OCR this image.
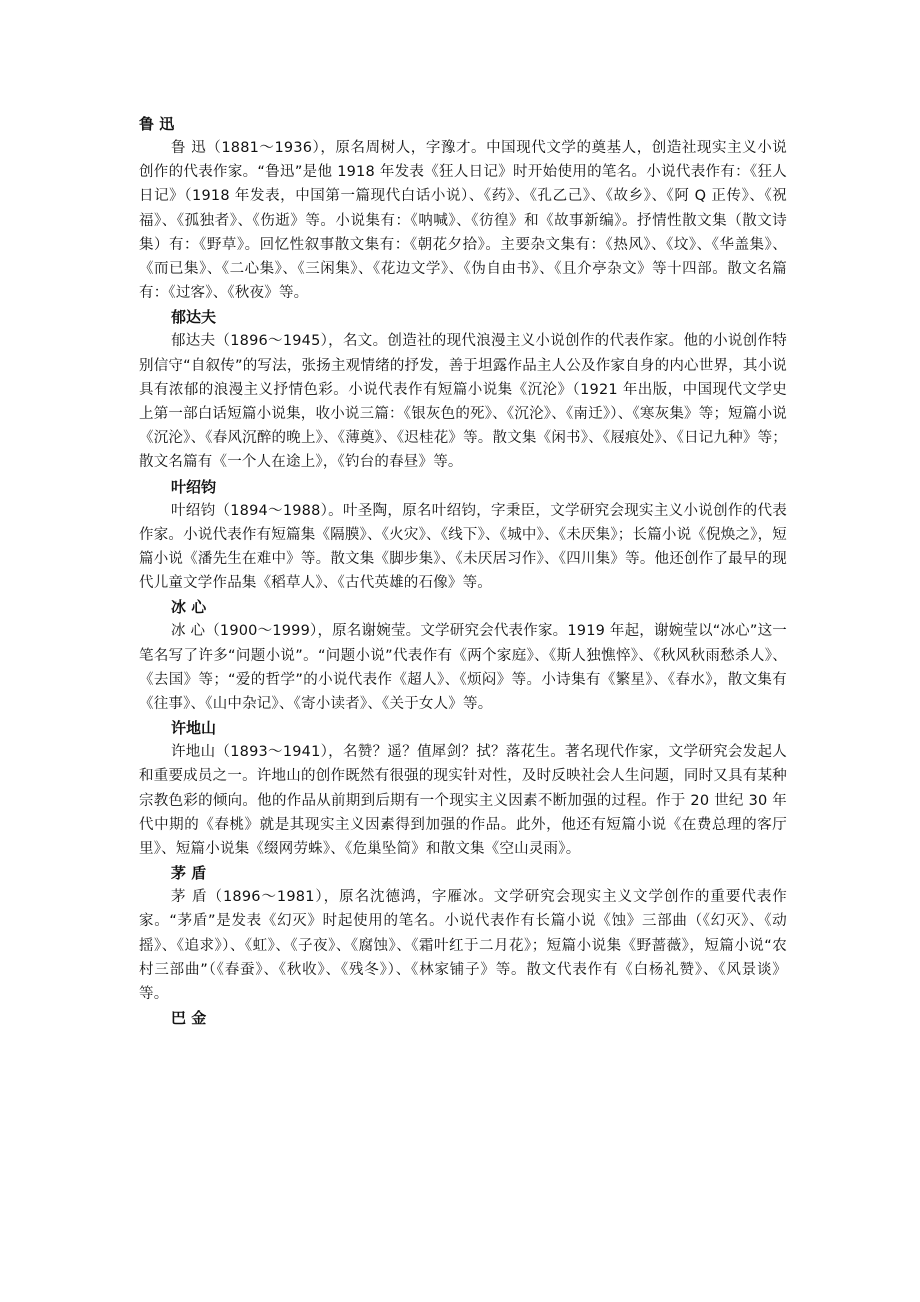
鲁 迅

鲁 迅（1881～1936），原名周树人，字豫才。中国现代文学的奠基人，创造社现实主义小说创作的代表作家。“鲁迅”是他 1918 年发表《狂人日记》时开始使用的笔名。小说代表作有：《狂人日记》（1918 年发表，中国第一篇现代白话小说）、《药》、《孔乙己》、《故乡》、《阿 Q 正传》、《祝福》、《孤独者》、《伤逝》等。小说集有：《呐喊》、《彷徨》和《故事新编》。抒情性散文集（散文诗集）有：《野草》。回忆性叙事散文集有：《朝花夕拾》。主要杂文集有：《热风》、《坟》、《华盖集》、《而已集》、《二心集》、《三闲集》、《花边文学》、《伪自由书》、《且介亭杂文》等十四部。散文名篇有：《过客》、《秋夜》等。

郁达夫

郁达夫（1896～1945），名文。创造社的现代浪漫主义小说创作的代表作家。他的小说创作特别信守“自叙传”的写法，张扬主观情绪的抒发，善于坦露作品主人公及作家自身的内心世界，其小说具有浓郁的浪漫主义抒情色彩。小说代表作有短篇小说集《沉沦》（1921 年出版，中国现代文学史上第一部白话短篇小说集，收小说三篇：《银灰色的死》、《沉沦》、《南迁》）、《寒灰集》等；短篇小说《沉沦》、《春风沉醉的晚上》、《薄奠》、《迟桂花》等。散文集《闲书》、《屐痕处》、《日记九种》等；散文名篇有《一个人在途上》，《钓台的春昼》等。

叶绍钧

叶绍钧（1894～1988）。叶圣陶，原名叶绍钧，字秉臣，文学研究会现实主义小说创作的代表作家。小说代表作有短篇集《隔膜》、《火灾》、《线下》、《城中》、《未厌集》；长篇小说《倪焕之》，短篇小说《潘先生在难中》等。散文集《脚步集》、《未厌居习作》、《四川集》等。他还创作了最早的现代儿童文学作品集《稻草人》、《古代英雄的石像》等。

冰 心

冰 心（1900～1999），原名谢婉莹。文学研究会代表作家。1919 年起，谢婉莹以“冰心”这一笔名写了许多“问题小说”。“问题小说”代表作有《两个家庭》、《斯人独憔悴》、《秋风秋雨愁杀人》、《去国》等；“爱的哲学”的小说代表作《超人》、《烦闷》等。小诗集有《繁星》、《春水》，散文集有《往事》、《山中杂记》、《寄小读者》、《关于女人》等。

许地山

许地山（1893～1941），名赞？遥？值犀剑？拭？落花生。著名现代作家，文学研究会发起人和重要成员之一。许地山的创作既然有很强的现实针对性，及时反映社会人生问题，同时又具有某种宗教色彩的倾向。他的作品从前期到后期有一个现实主义因素不断加强的过程。作于 20 世纪 30 年代中期的《春桃》就是其现实主义因素得到加强的作品。此外，他还有短篇小说《在费总理的客厅里》、短篇小说集《缀网劳蛛》、《危巢坠简》和散文集《空山灵雨》。

茅 盾

茅 盾（1896～1981），原名沈德鸿，字雁冰。文学研究会现实主义文学创作的重要代表作家。“茅盾”是发表《幻灭》时起使用的笔名。小说代表作有长篇小说《蚀》三部曲（《幻灭》、《动摇》、《追求》）、《虹》、《子夜》、《腐蚀》、《霜叶红于二月花》；短篇小说集《野蔷薇》，短篇小说“农村三部曲”（《春蚕》、《秋收》、《残冬》）、《林家铺子》等。散文代表作有《白杨礼赞》、《风景谈》等。

巴 金
